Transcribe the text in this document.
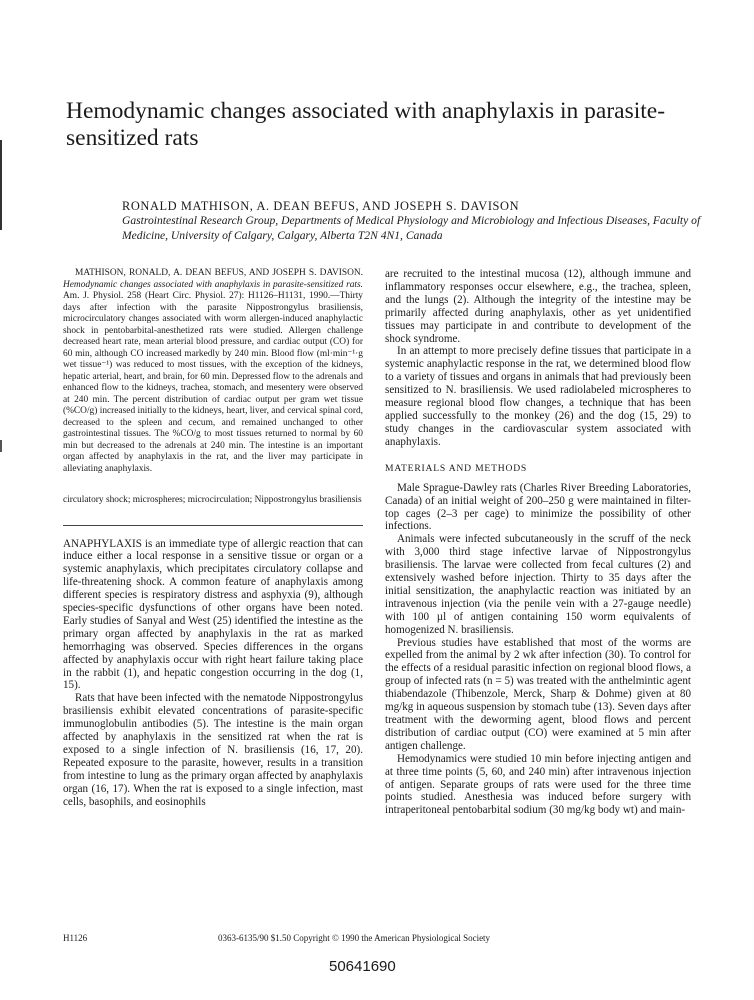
Hemodynamic changes associated with anaphylaxis in parasite-sensitized rats

RONALD MATHISON, A. DEAN BEFUS, AND JOSEPH S. DAVISON

Gastrointestinal Research Group, Departments of Medical Physiology and Microbiology and Infectious Diseases, Faculty of Medicine, University of Calgary, Calgary, Alberta T2N 4N1, Canada

MATHISON, RONALD, A. DEAN BEFUS, AND JOSEPH S. DAVISON. Hemodynamic changes associated with anaphylaxis in parasite-sensitized rats. Am. J. Physiol. 258 (Heart Circ. Physiol. 27): H1126–H1131, 1990.—Thirty days after infection with the parasite Nippostrongylus brasiliensis, microcirculatory changes associated with worm allergen-induced anaphylactic shock in pentobarbital-anesthetized rats were studied. Allergen challenge decreased heart rate, mean arterial blood pressure, and cardiac output (CO) for 60 min, although CO increased markedly by 240 min. Blood flow (ml·min⁻¹·g wet tissue⁻¹) was reduced to most tissues, with the exception of the kidneys, hepatic arterial, heart, and brain, for 60 min. Depressed flow to the adrenals and enhanced flow to the kidneys, trachea, stomach, and mesentery were observed at 240 min. The percent distribution of cardiac output per gram wet tissue (%CO/g) increased initially to the kidneys, heart, liver, and cervical spinal cord, decreased to the spleen and cecum, and remained unchanged to other gastrointestinal tissues. The %CO/g to most tissues returned to normal by 60 min but decreased to the adrenals at 240 min. The intestine is an important organ affected by anaphylaxis in the rat, and the liver may participate in alleviating anaphylaxis.

circulatory shock; microspheres; microcirculation; Nippostrongylus brasiliensis

ANAPHYLAXIS is an immediate type of allergic reaction that can induce either a local response in a sensitive tissue or organ or a systemic anaphylaxis, which precipitates circulatory collapse and life-threatening shock. A common feature of anaphylaxis among different species is respiratory distress and asphyxia (9), although species-specific dysfunctions of other organs have been noted. Early studies of Sanyal and West (25) identified the intestine as the primary organ affected by anaphylaxis in the rat as marked hemorrhaging was observed. Species differences in the organs affected by anaphylaxis occur with right heart failure taking place in the rabbit (1), and hepatic congestion occurring in the dog (1, 15).

Rats that have been infected with the nematode Nippostrongylus brasiliensis exhibit elevated concentrations of parasite-specific immunoglobulin antibodies (5). The intestine is the main organ affected by anaphylaxis in the sensitized rat when the rat is exposed to a single infection of N. brasiliensis (16, 17, 20). Repeated exposure to the parasite, however, results in a transition from intestine to lung as the primary organ affected by anaphylaxis organ (16, 17). When the rat is exposed to a single infection, mast cells, basophils, and eosinophils

are recruited to the intestinal mucosa (12), although immune and inflammatory responses occur elsewhere, e.g., the trachea, spleen, and the lungs (2). Although the integrity of the intestine may be primarily affected during anaphylaxis, other as yet unidentified tissues may participate in and contribute to development of the shock syndrome.

In an attempt to more precisely define tissues that participate in a systemic anaphylactic response in the rat, we determined blood flow to a variety of tissues and organs in animals that had previously been sensitized to N. brasiliensis. We used radiolabeled microspheres to measure regional blood flow changes, a technique that has been applied successfully to the monkey (26) and the dog (15, 29) to study changes in the cardiovascular system associated with anaphylaxis.

MATERIALS AND METHODS

Male Sprague-Dawley rats (Charles River Breeding Laboratories, Canada) of an initial weight of 200–250 g were maintained in filter-top cages (2–3 per cage) to minimize the possibility of other infections.

Animals were infected subcutaneously in the scruff of the neck with 3,000 third stage infective larvae of Nippostrongylus brasiliensis. The larvae were collected from fecal cultures (2) and extensively washed before injection. Thirty to 35 days after the initial sensitization, the anaphylactic reaction was initiated by an intravenous injection (via the penile vein with a 27-gauge needle) with 100 µl of antigen containing 150 worm equivalents of homogenized N. brasiliensis.

Previous studies have established that most of the worms are expelled from the animal by 2 wk after infection (30). To control for the effects of a residual parasitic infection on regional blood flows, a group of infected rats (n = 5) was treated with the anthelmintic agent thiabendazole (Thibenzole, Merck, Sharp & Dohme) given at 80 mg/kg in aqueous suspension by stomach tube (13). Seven days after treatment with the deworming agent, blood flows and percent distribution of cardiac output (CO) were examined at 5 min after antigen challenge.

Hemodynamics were studied 10 min before injecting antigen and at three time points (5, 60, and 240 min) after intravenous injection of antigen. Separate groups of rats were used for the three time points studied. Anesthesia was induced before surgery with intraperitoneal pentobarbital sodium (30 mg/kg body wt) and main-

H1126	0363-6135/90 $1.50 Copyright © 1990 the American Physiological Society
50641690
